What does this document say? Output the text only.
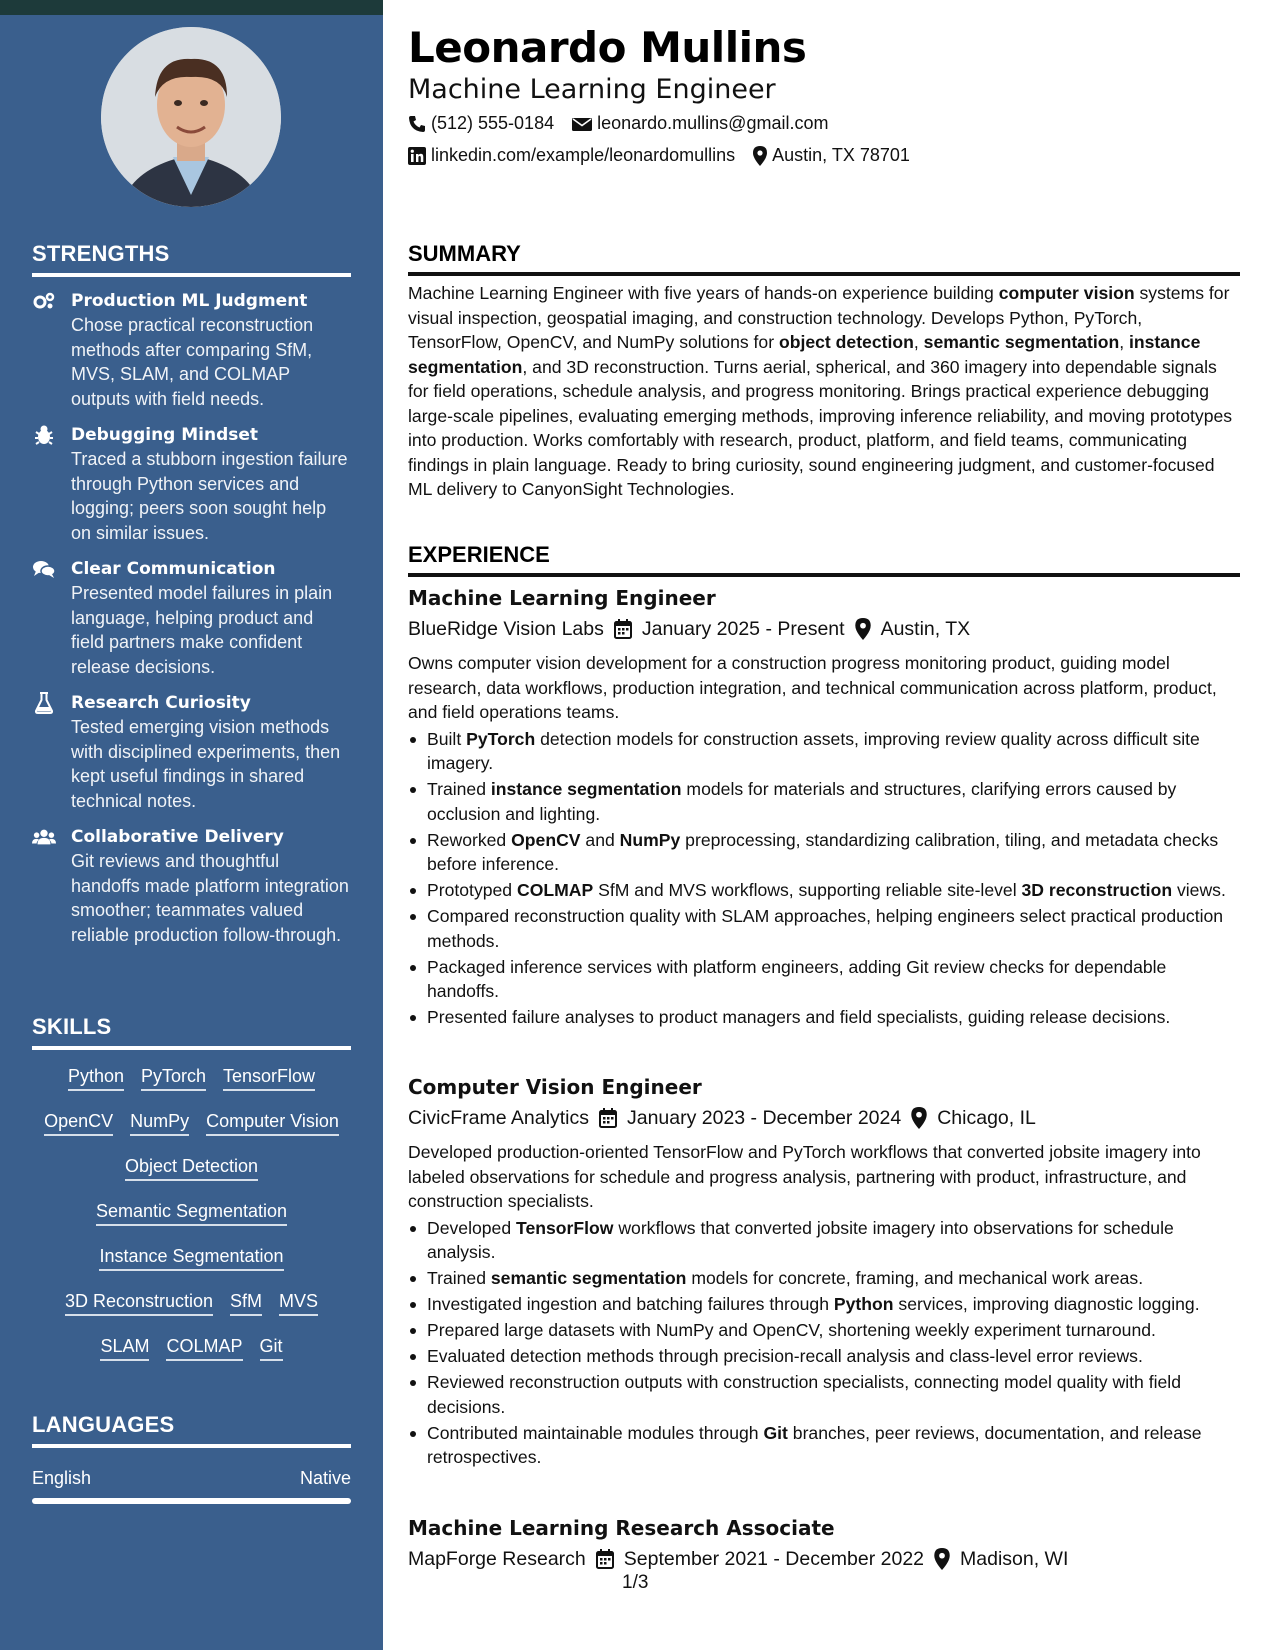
STRENGTHS
Production ML Judgment
Chose practical reconstruction methods after comparing SfM, MVS, SLAM, and COLMAP outputs with field needs.
Debugging Mindset
Traced a stubborn ingestion failure through Python services and logging; peers soon sought help on similar issues.
Clear Communication
Presented model failures in plain language, helping product and field partners make confident release decisions.
Research Curiosity
Tested emerging vision methods with disciplined experiments, then kept useful findings in shared technical notes.
Collaborative Delivery
Git reviews and thoughtful handoffs made platform integration smoother; teammates valued reliable production follow-through.
SKILLS
Python PyTorch TensorFlow
OpenCV NumPy Computer Vision
Object Detection
Semantic Segmentation
Instance Segmentation
3D Reconstruction SfM MVS
SLAM COLMAP Git
LANGUAGES
English	Native
Leonardo Mullins
Machine Learning Engineer
(512) 555-0184 leonardo.mullins@gmail.com
linkedin.com/example/leonardomullins Austin, TX 78701
SUMMARY
Machine Learning Engineer with five years of hands-on experience building computer vision systems for visual inspection, geospatial imaging, and construction technology. Develops Python, PyTorch, TensorFlow, OpenCV, and NumPy solutions for object detection, semantic segmentation, instance segmentation, and 3D reconstruction. Turns aerial, spherical, and 360 imagery into dependable signals for field operations, schedule analysis, and progress monitoring. Brings practical experience debugging large-scale pipelines, evaluating emerging methods, improving inference reliability, and moving prototypes into production. Works comfortably with research, product, platform, and field teams, communicating findings in plain language. Ready to bring curiosity, sound engineering judgment, and customer-focused ML delivery to CanyonSight Technologies.
EXPERIENCE
Machine Learning Engineer
BlueRidge Vision Labs January 2025 - Present Austin, TX
Owns computer vision development for a construction progress monitoring product, guiding model research, data workflows, production integration, and technical communication across platform, product, and field operations teams.
Built PyTorch detection models for construction assets, improving review quality across difficult site imagery.
Trained instance segmentation models for materials and structures, clarifying errors caused by occlusion and lighting.
Reworked OpenCV and NumPy preprocessing, standardizing calibration, tiling, and metadata checks before inference.
Prototyped COLMAP SfM and MVS workflows, supporting reliable site-level 3D reconstruction views.
Compared reconstruction quality with SLAM approaches, helping engineers select practical production methods.
Packaged inference services with platform engineers, adding Git review checks for dependable handoffs.
Presented failure analyses to product managers and field specialists, guiding release decisions.
Computer Vision Engineer
CivicFrame Analytics January 2023 - December 2024 Chicago, IL
Developed production-oriented TensorFlow and PyTorch workflows that converted jobsite imagery into labeled observations for schedule and progress analysis, partnering with product, infrastructure, and construction specialists.
Developed TensorFlow workflows that converted jobsite imagery into observations for schedule analysis.
Trained semantic segmentation models for concrete, framing, and mechanical work areas.
Investigated ingestion and batching failures through Python services, improving diagnostic logging.
Prepared large datasets with NumPy and OpenCV, shortening weekly experiment turnaround.
Evaluated detection methods through precision-recall analysis and class-level error reviews.
Reviewed reconstruction outputs with construction specialists, connecting model quality with field decisions.
Contributed maintainable modules through Git branches, peer reviews, documentation, and release retrospectives.
Machine Learning Research Associate
MapForge Research September 2021 - December 2022 Madison, WI
1/3
